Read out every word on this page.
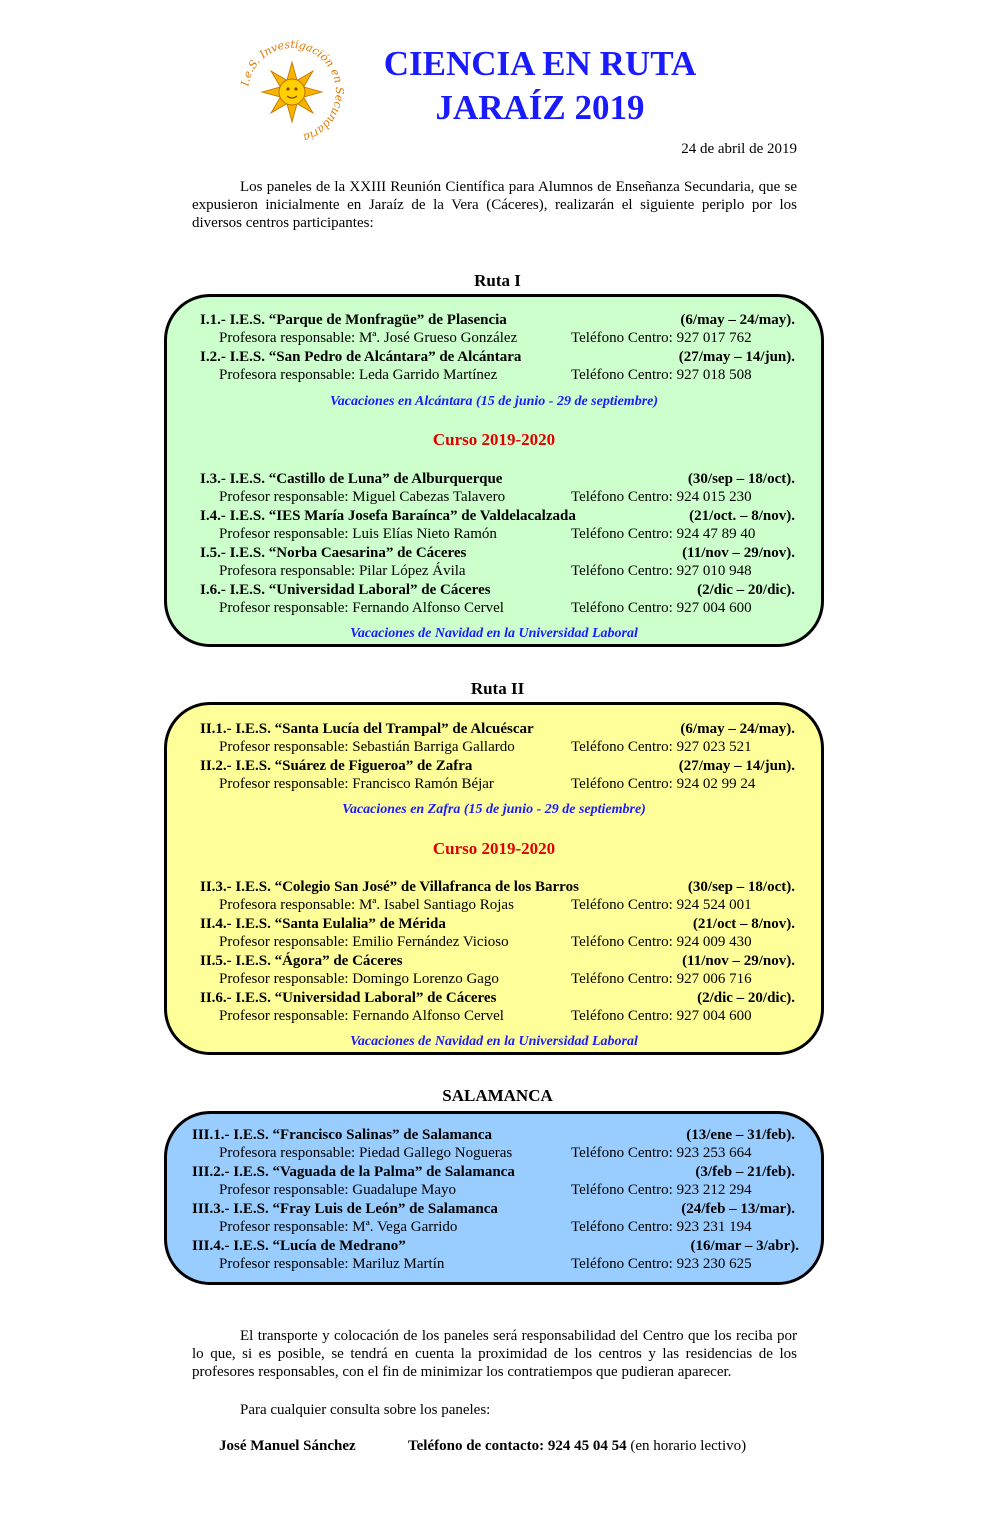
.e.S. Investigación en cundaria
CIENCIA EN RUTA
JARAÍZ 2019
24 de abril de 2019
Los paneles de la XXIII Reunión Científica para Alumnos de Enseñanza Secundaria, que se expusieron inicialmente en Jaraíz de la Vera (Cáceres), realizarán el siguiente periplo por los diversos centros participantes:
Ruta I
I.1.- I.E.S. “Parque de Monfragüe” de Plasencia	(6/may – 24/may).
Profesora responsable: Mª. José Grueso González	Teléfono Centro: 927 017 762
I.2.- I.E.S. “San Pedro de Alcántara” de Alcántara	(27/may – 14/jun).
Profesora responsable: Leda Garrido Martínez	Teléfono Centro: 927 018 508
Vacaciones en Alcántara (15 de junio - 29 de septiembre)
Curso 2019-2020
I.3.- I.E.S. “Castillo de Luna” de Alburquerque	(30/sep – 18/oct).
Profesor responsable: Miguel Cabezas Talavero	Teléfono Centro: 924 015 230
I.4.- I.E.S. “IES María Josefa Baraínca” de Valdelacalzada	(21/oct. – 8/nov).
Profesor responsable: Luis Elías Nieto Ramón	Teléfono Centro: 924 47 89 40
I.5.- I.E.S. “Norba Caesarina” de Cáceres	(11/nov – 29/nov).
Profesora responsable: Pilar López Ávila	Teléfono Centro: 927 010 948
I.6.- I.E.S. “Universidad Laboral” de Cáceres	(2/dic – 20/dic).
Profesor responsable: Fernando Alfonso Cervel	Teléfono Centro: 927 004 600
Vacaciones de Navidad en la Universidad Laboral
Ruta II
II.1.- I.E.S. “Santa Lucía del Trampal” de Alcuéscar	(6/may – 24/may).
Profesor responsable: Sebastián Barriga Gallardo	Teléfono Centro: 927 023 521
II.2.- I.E.S. “Suárez de Figueroa” de Zafra	(27/may – 14/jun).
Profesor responsable: Francisco Ramón Béjar	Teléfono Centro: 924 02 99 24
Vacaciones en Zafra (15 de junio - 29 de septiembre)
Curso 2019-2020
II.3.- I.E.S. “Colegio San José” de Villafranca de los Barros	(30/sep – 18/oct).
Profesora responsable: Mª. Isabel Santiago Rojas	Teléfono Centro: 924 524 001
II.4.- I.E.S. “Santa Eulalia” de Mérida	(21/oct – 8/nov).
Profesor responsable: Emilio Fernández Vicioso	Teléfono Centro: 924 009 430
II.5.- I.E.S. “Ágora” de Cáceres	(11/nov – 29/nov).
Profesor responsable: Domingo Lorenzo Gago	Teléfono Centro: 927 006 716
II.6.- I.E.S. “Universidad Laboral” de Cáceres	(2/dic – 20/dic).
Profesor responsable: Fernando Alfonso Cervel	Teléfono Centro: 927 004 600
Vacaciones de Navidad en la Universidad Laboral
SALAMANCA
III.1.- I.E.S. “Francisco Salinas” de Salamanca	(13/ene – 31/feb).
Profesora responsable: Piedad Gallego Nogueras	Teléfono Centro: 923 253 664
III.2.- I.E.S. “Vaguada de la Palma” de Salamanca	(3/feb – 21/feb).
Profesor responsable: Guadalupe Mayo	Teléfono Centro: 923 212 294
III.3.- I.E.S. “Fray Luis de León” de Salamanca	(24/feb – 13/mar).
Profesor responsable: Mª. Vega Garrido	Teléfono Centro: 923 231 194
III.4.- I.E.S. “Lucía de Medrano”	(16/mar – 3/abr).
Profesor responsable: Mariluz Martín	Teléfono Centro: 923 230 625
El transporte y colocación de los paneles será responsabilidad del Centro que los reciba por lo que, si es posible, se tendrá en cuenta la proximidad de los centros y las residencias de los profesores responsables, con el fin de minimizar los contratiempos que pudieran aparecer.
Para cualquier consulta sobre los paneles:
José Manuel Sánchez	Teléfono de contacto: 924 45 04 54 (en horario lectivo)
